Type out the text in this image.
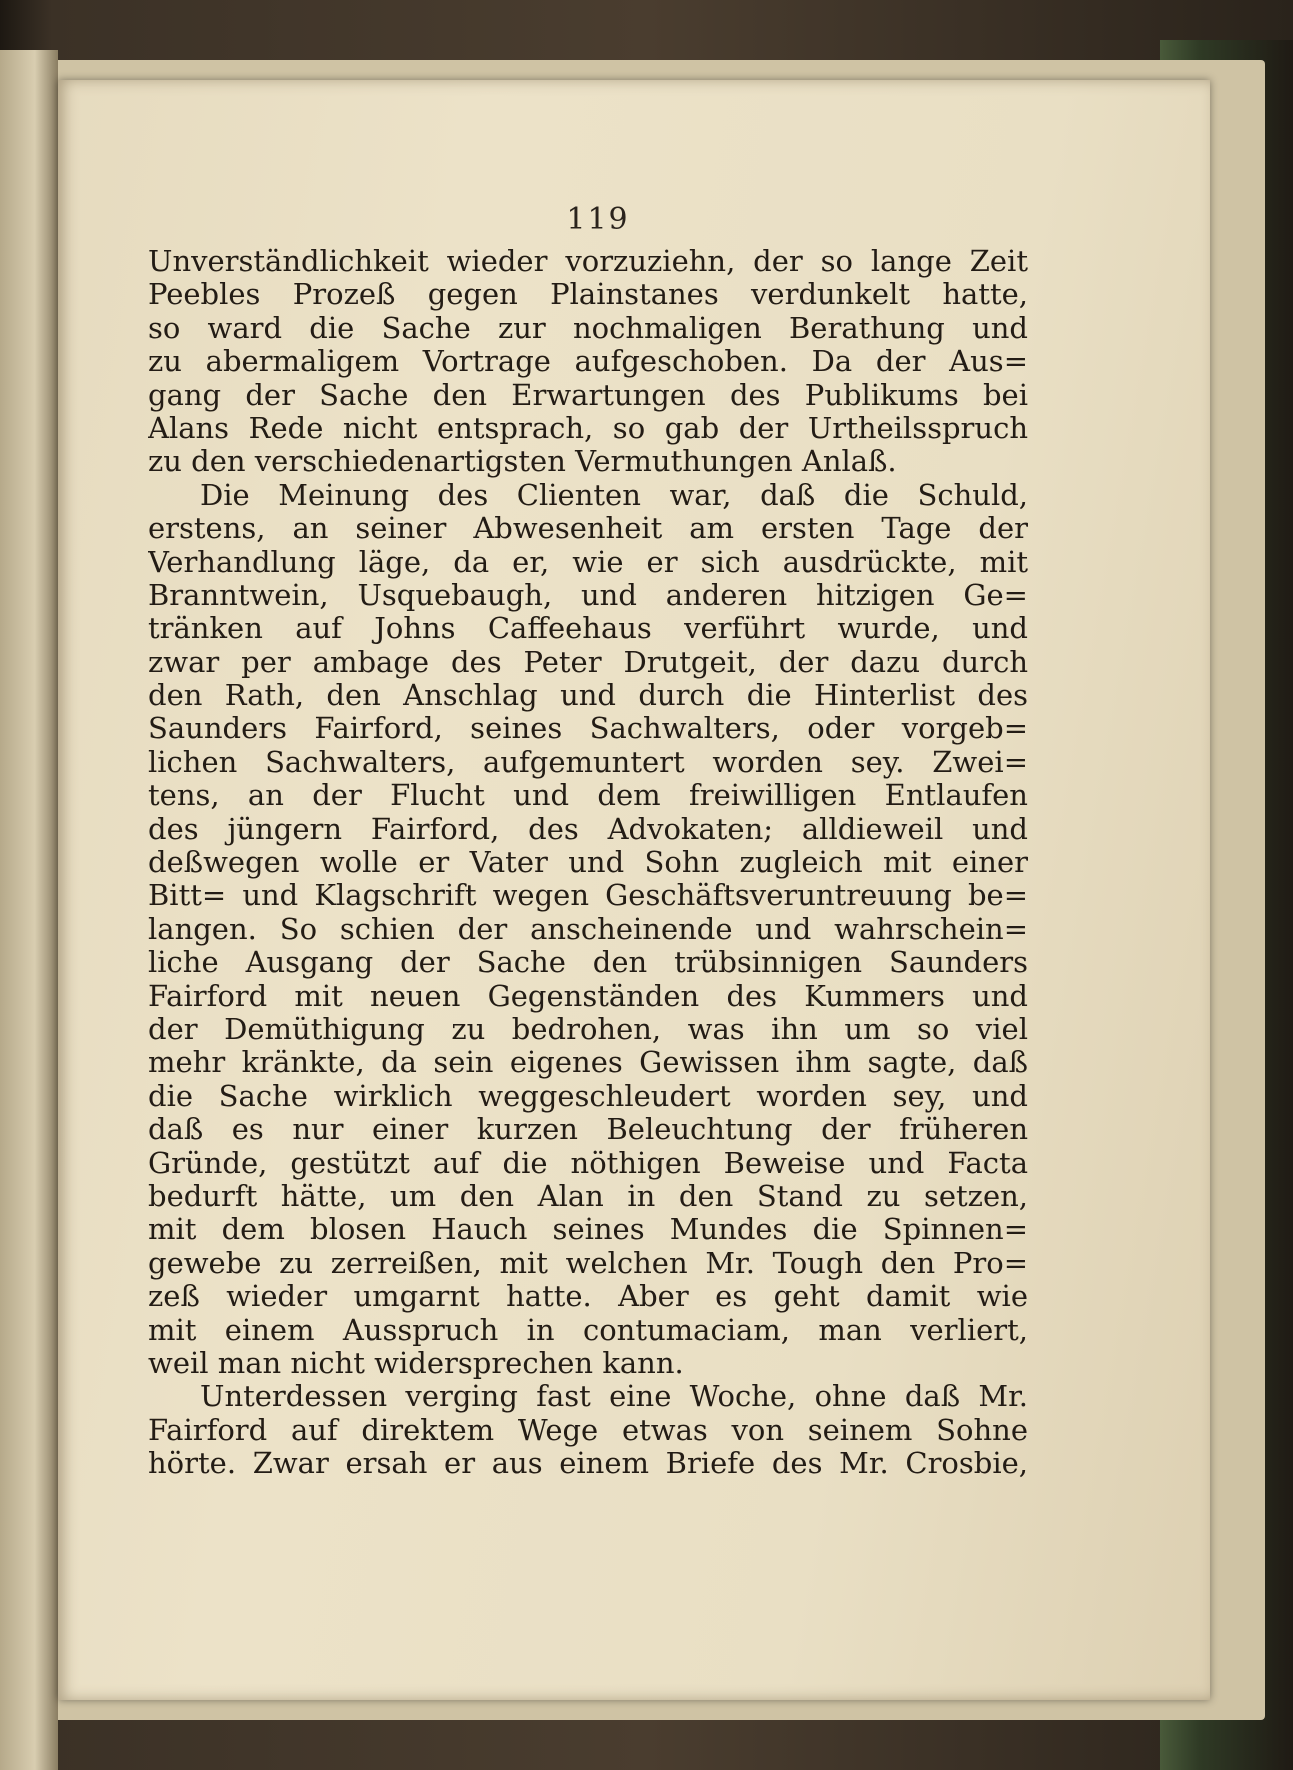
119
Unverständlichkeit wieder vorzuziehn, der so lange Zeit
Peebles Prozeß gegen Plainstanes verdunkelt hatte,
so ward die Sache zur nochmaligen Berathung und
zu abermaligem Vortrage aufgeschoben. Da der Aus=
gang der Sache den Erwartungen des Publikums bei
Alans Rede nicht entsprach, so gab der Urtheilsspruch
zu den verschiedenartigsten Vermuthungen Anlaß.
Die Meinung des Clienten war, daß die Schuld,
erstens, an seiner Abwesenheit am ersten Tage der
Verhandlung läge, da er, wie er sich ausdrückte, mit
Branntwein, Usquebaugh, und anderen hitzigen Ge=
tränken auf Johns Caffeehaus verführt wurde, und
zwar per ambage des Peter Drutgeit, der dazu durch
den Rath, den Anschlag und durch die Hinterlist des
Saunders Fairford, seines Sachwalters, oder vorgeb=
lichen Sachwalters, aufgemuntert worden sey. Zwei=
tens, an der Flucht und dem freiwilligen Entlaufen
des jüngern Fairford, des Advokaten; alldieweil und
deßwegen wolle er Vater und Sohn zugleich mit einer
Bitt= und Klagschrift wegen Geschäftsveruntreuung be=
langen. So schien der anscheinende und wahrschein=
liche Ausgang der Sache den trübsinnigen Saunders
Fairford mit neuen Gegenständen des Kummers und
der Demüthigung zu bedrohen, was ihn um so viel
mehr kränkte, da sein eigenes Gewissen ihm sagte, daß
die Sache wirklich weggeschleudert worden sey, und
daß es nur einer kurzen Beleuchtung der früheren
Gründe, gestützt auf die nöthigen Beweise und Facta
bedurft hätte, um den Alan in den Stand zu setzen,
mit dem blosen Hauch seines Mundes die Spinnen=
gewebe zu zerreißen, mit welchen Mr. Tough den Pro=
zeß wieder umgarnt hatte. Aber es geht damit wie
mit einem Ausspruch in contumaciam, man verliert,
weil man nicht widersprechen kann.
Unterdessen verging fast eine Woche, ohne daß Mr.
Fairford auf direktem Wege etwas von seinem Sohne
hörte. Zwar ersah er aus einem Briefe des Mr. Crosbie,
